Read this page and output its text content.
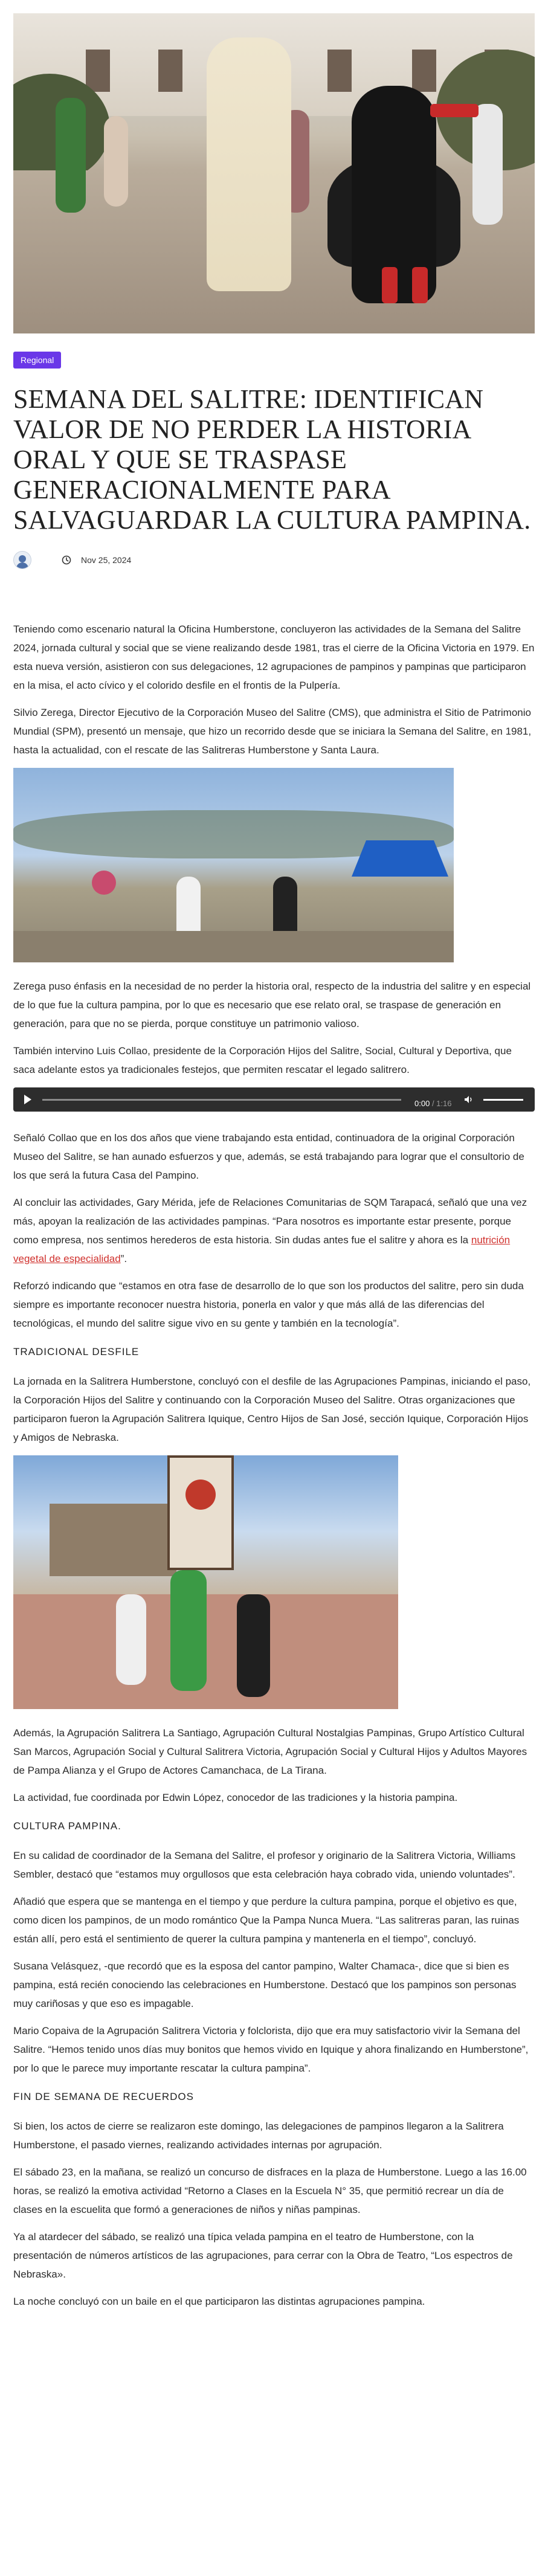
Regional
SEMANA DEL SALITRE: IDENTIFICAN VALOR DE NO PERDER LA HISTORIA ORAL Y QUE SE TRASPASE GENERACIONALMENTE PARA SALVAGUARDAR LA CULTURA PAMPINA.
Nov 25, 2024

Teniendo como escenario natural la Oficina Humberstone, concluyeron las actividades de la Semana del Salitre 2024, jornada cultural y social que se viene realizando desde 1981, tras el cierre de la Oficina Victoria en 1979. En esta nueva versión, asistieron con sus delegaciones, 12 agrupaciones de pampinos y pampinas que participaron en la misa, el acto cívico y el colorido desfile en el frontis de la Pulpería.

Silvio Zerega, Director Ejecutivo de la Corporación Museo del Salitre (CMS), que administra el Sitio de Patrimonio Mundial (SPM), presentó un mensaje, que hizo un recorrido desde que se iniciara la Semana del Salitre, en 1981, hasta la actualidad, con el rescate de las Salitreras Humberstone y Santa Laura.

Zerega puso énfasis en la necesidad de no perder la historia oral, respecto de la industria del salitre y en especial de lo que fue la cultura pampina, por lo que es necesario que ese relato oral, se traspase de generación en generación, para que no se pierda, porque constituye un patrimonio valioso.

También intervino Luis Collao, presidente de la Corporación Hijos del Salitre, Social, Cultural y Deportiva, que saca adelante estos ya tradicionales festejos, que permiten rescatar el legado salitrero.

0:00 / 1:16

Señaló Collao que en los dos años que viene trabajando esta entidad, continuadora de la original Corporación Museo del Salitre, se han aunado esfuerzos y que, además, se está trabajando para lograr que el consultorio de los que será la futura Casa del Pampino.

Al concluir las actividades, Gary Mérida, jefe de Relaciones Comunitarias de SQM Tarapacá, señaló que una vez más, apoyan la realización de las actividades pampinas. “Para nosotros es importante estar presente, porque como empresa, nos sentimos herederos de esta historia. Sin dudas antes fue el salitre y ahora es la nutrición vegetal de especialidad”.

Reforzó indicando que “estamos en otra fase de desarrollo de lo que son los productos del salitre, pero sin duda siempre es importante reconocer nuestra historia, ponerla en valor y que más allá de las diferencias del tecnológicas, el mundo del salitre sigue vivo en su gente y también en la tecnología”.

TRADICIONAL DESFILE

La jornada en la Salitrera Humberstone, concluyó con el desfile de las Agrupaciones Pampinas, iniciando el paso, la Corporación Hijos del Salitre y continuando con la Corporación Museo del Salitre. Otras organizaciones que participaron fueron la Agrupación Salitrera Iquique, Centro Hijos de San José, sección Iquique, Corporación Hijos y Amigos de Nebraska.

Además, la Agrupación Salitrera La Santiago, Agrupación Cultural Nostalgias Pampinas, Grupo Artístico Cultural San Marcos, Agrupación Social y Cultural Salitrera Victoria, Agrupación Social y Cultural Hijos y Adultos Mayores de Pampa Alianza y el Grupo de Actores Camanchaca, de La Tirana.

La actividad, fue coordinada por Edwin López, conocedor de las tradiciones y la historia pampina.

CULTURA PAMPINA.

En su calidad de coordinador de la Semana del Salitre, el profesor y originario de la Salitrera Victoria, Williams Sembler, destacó que “estamos muy orgullosos que esta celebración haya cobrado vida, uniendo voluntades”.

Añadió que espera que se mantenga en el tiempo y que perdure la cultura pampina, porque el objetivo es que, como dicen los pampinos, de un modo romántico Que la Pampa Nunca Muera. “Las salitreras paran, las ruinas están allí, pero está el sentimiento de querer la cultura pampina y mantenerla en el tiempo”, concluyó.

Susana Velásquez, -que recordó que es la esposa del cantor pampino, Walter Chamaca-, dice que si bien es pampina, está recién conociendo las celebraciones en Humberstone. Destacó que los pampinos son personas muy cariñosas y que eso es impagable.

Mario Copaiva de la Agrupación Salitrera Victoria y folclorista, dijo que era muy satisfactorio vivir la Semana del Salitre. “Hemos tenido unos días muy bonitos que hemos vivido en Iquique y ahora finalizando en Humberstone”, por lo que le parece muy importante rescatar la cultura pampina”.

FIN DE SEMANA DE RECUERDOS

Si bien, los actos de cierre se realizaron este domingo, las delegaciones de pampinos llegaron a la Salitrera Humberstone, el pasado viernes, realizando actividades internas por agrupación.

El sábado 23, en la mañana, se realizó un concurso de disfraces en la plaza de Humberstone. Luego a las 16.00 horas, se realizó la emotiva actividad “Retorno a Clases en la Escuela N° 35, que permitió recrear un día de clases en la escuelita que formó a generaciones de niños y niñas pampinas.

Ya al atardecer del sábado, se realizó una típica velada pampina en el teatro de Humberstone, con la presentación de números artísticos de las agrupaciones, para cerrar con la Obra de Teatro, “Los espectros de Nebraska».

La noche concluyó con un baile en el que participaron las distintas agrupaciones pampina.
